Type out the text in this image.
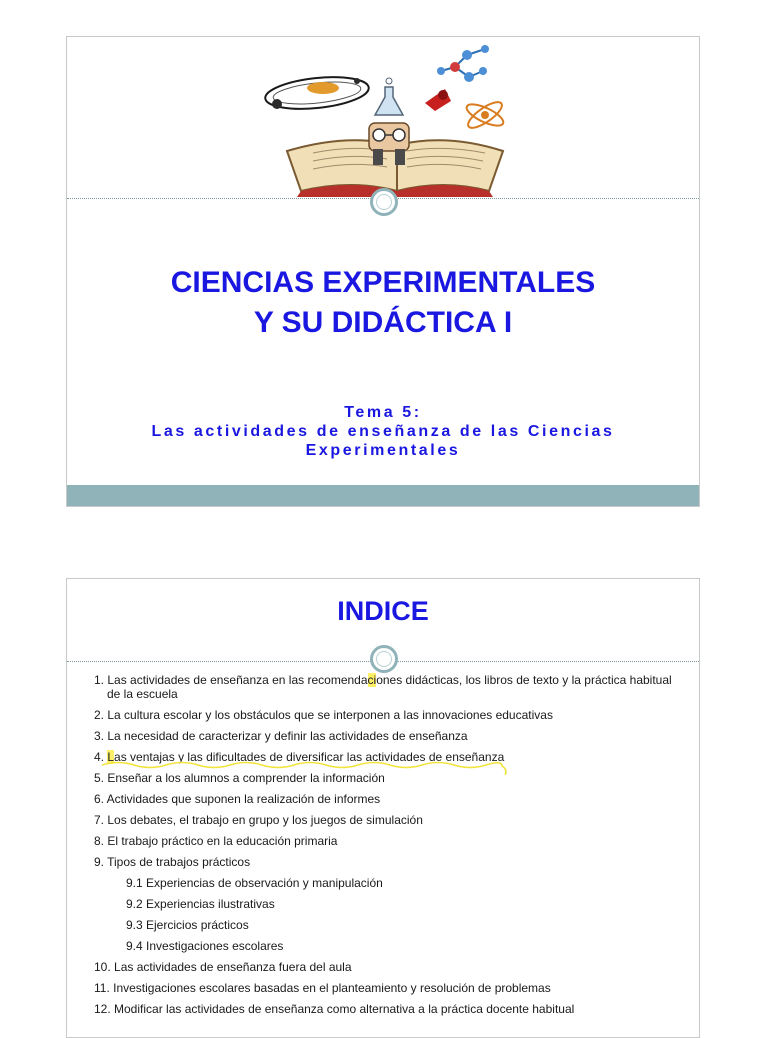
CIENCIAS EXPERIMENTALES
Y SU DIDÁCTICA I
Tema 5:
Las actividades de enseñanza de las Ciencias
Experimentales
INDICE
1. Las actividades de enseñanza en las recomendaciones didácticas, los libros de texto y la práctica habitual de la escuela
2. La cultura escolar y los obstáculos que se interponen a las innovaciones educativas
3. La necesidad de caracterizar y definir las actividades de enseñanza
4. Las ventajas y las dificultades de diversificar las actividades de enseñanza
5. Enseñar a los alumnos a comprender la información
6. Actividades que suponen la realización de informes
7. Los debates, el trabajo en grupo y los juegos de simulación
8. El trabajo práctico en la educación primaria
9. Tipos de trabajos prácticos
9.1 Experiencias de observación y manipulación
9.2 Experiencias ilustrativas
9.3 Ejercicios prácticos
9.4 Investigaciones escolares
10. Las actividades de enseñanza fuera del aula
11. Investigaciones escolares basadas en el planteamiento y resolución de problemas
12. Modificar las actividades de enseñanza como alternativa a la práctica docente habitual
